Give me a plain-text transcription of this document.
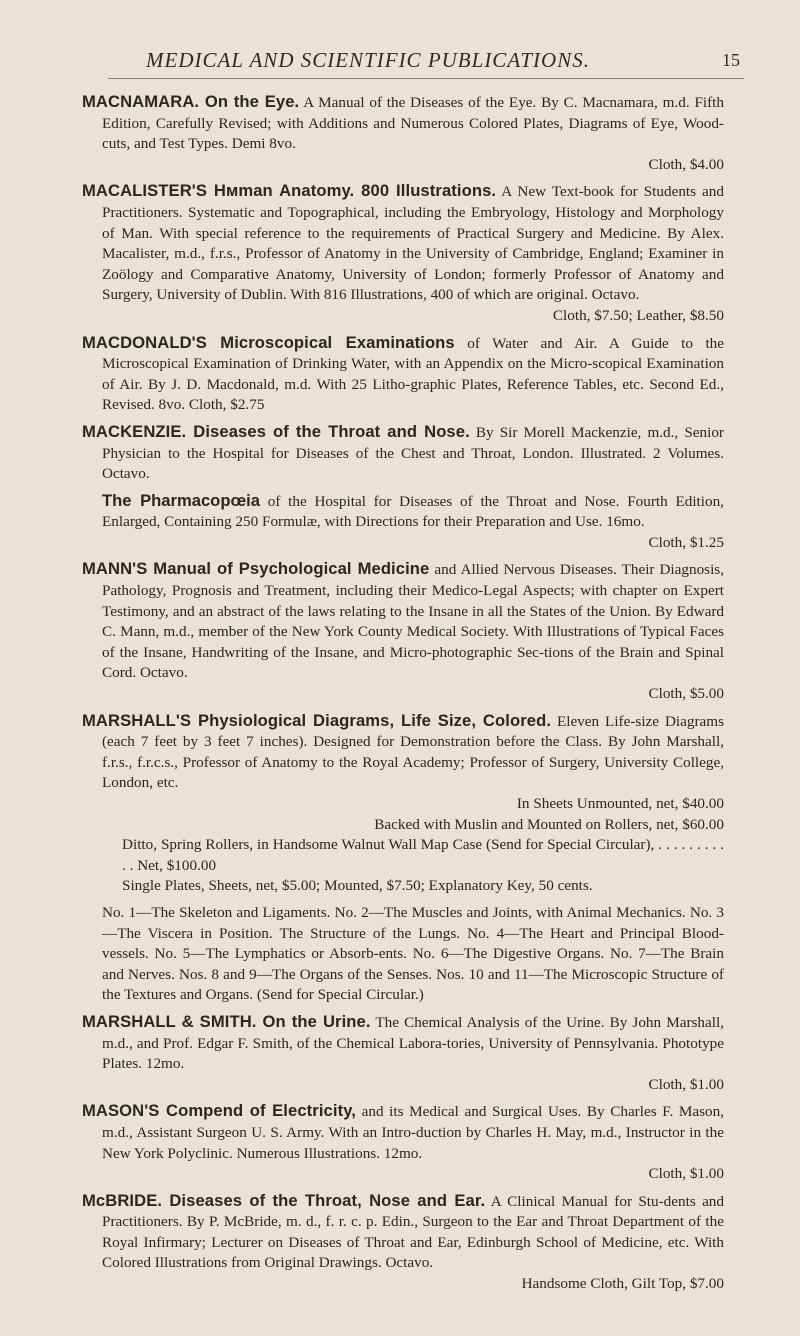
MEDICAL AND SCIENTIFIC PUBLICATIONS.	15
MACNAMARA. On the Eye. A Manual of the Diseases of the Eye. By C. Macnamara, m.d. Fifth Edition, Carefully Revised; with Additions and Numerous Colored Plates, Diagrams of Eye, Wood-cuts, and Test Types. Demi 8vo.
Cloth, $4.00
MACALISTER'S Hᴍman Anatomy. 800 Illustrations. A New Text-book for Students and Practitioners. Systematic and Topographical, including the Embryology, Histology and Morphology of Man. With special reference to the requirements of Practical Surgery and Medicine. By Alex. Macalister, m.d., f.r.s., Professor of Anatomy in the University of Cambridge, England; Examiner in Zoölogy and Comparative Anatomy, University of London; formerly Professor of Anatomy and Surgery, University of Dublin. With 816 Illustrations, 400 of which are original. Octavo.
Cloth, $7.50; Leather, $8.50
MACDONALD'S Microscopical Examinations of Water and Air. A Guide to the Microscopical Examination of Drinking Water, with an Appendix on the Micro-scopical Examination of Air. By J. D. Macdonald, m.d. With 25 Litho-graphic Plates, Reference Tables, etc. Second Ed., Revised. 8vo. Cloth, $2.75
MACKENZIE. Diseases of the Throat and Nose. By Sir Morell Mackenzie, m.d., Senior Physician to the Hospital for Diseases of the Chest and Throat, London. Illustrated. 2 Volumes. Octavo.
The Pharmacopœia of the Hospital for Diseases of the Throat and Nose. Fourth Edition, Enlarged, Containing 250 Formulæ, with Directions for their Preparation and Use. 16mo.
Cloth, $1.25
MANN'S Manual of Psychological Medicine and Allied Nervous Diseases. Their Diagnosis, Pathology, Prognosis and Treatment, including their Medico-Legal Aspects; with chapter on Expert Testimony, and an abstract of the laws relating to the Insane in all the States of the Union. By Edward C. Mann, m.d., member of the New York County Medical Society. With Illustrations of Typical Faces of the Insane, Handwriting of the Insane, and Micro-photographic Sec-tions of the Brain and Spinal Cord. Octavo.
Cloth, $5.00
MARSHALL'S Physiological Diagrams, Life Size, Colored. Eleven Life-size Diagrams (each 7 feet by 3 feet 7 inches). Designed for Demonstration before the Class. By John Marshall, f.r.s., f.r.c.s., Professor of Anatomy to the Royal Academy; Professor of Surgery, University College, London, etc.
In Sheets Unmounted, net, $40.00
Backed with Muslin and Mounted on Rollers, net, $60.00
Ditto, Spring Rollers, in Handsome Walnut Wall Map Case (Send for Special Circular), . . . . . . . . . . . Net, $100.00
Single Plates, Sheets, net, $5.00; Mounted, $7.50; Explanatory Key, 50 cents.
No. 1—The Skeleton and Ligaments. No. 2—The Muscles and Joints, with Animal Mechanics. No. 3—The Viscera in Position. The Structure of the Lungs. No. 4—The Heart and Principal Blood-vessels. No. 5—The Lymphatics or Absorb-ents. No. 6—The Digestive Organs. No. 7—The Brain and Nerves. Nos. 8 and 9—The Organs of the Senses. Nos. 10 and 11—The Microscopic Structure of the Textures and Organs. (Send for Special Circular.)
MARSHALL & SMITH. On the Urine. The Chemical Analysis of the Urine. By John Marshall, m.d., and Prof. Edgar F. Smith, of the Chemical Labora-tories, University of Pennsylvania. Phototype Plates. 12mo.
Cloth, $1.00
MASON'S Compend of Electricity, and its Medical and Surgical Uses. By Charles F. Mason, m.d., Assistant Surgeon U. S. Army. With an Intro-duction by Charles H. May, m.d., Instructor in the New York Polyclinic. Numerous Illustrations. 12mo.
Cloth, $1.00
McBRIDE. Diseases of the Throat, Nose and Ear. A Clinical Manual for Stu-dents and Practitioners. By P. McBride, m. d., f. r. c. p. Edin., Surgeon to the Ear and Throat Department of the Royal Infirmary; Lecturer on Diseases of Throat and Ear, Edinburgh School of Medicine, etc. With Colored Illustrations from Original Drawings. Octavo.
Handsome Cloth, Gilt Top, $7.00
